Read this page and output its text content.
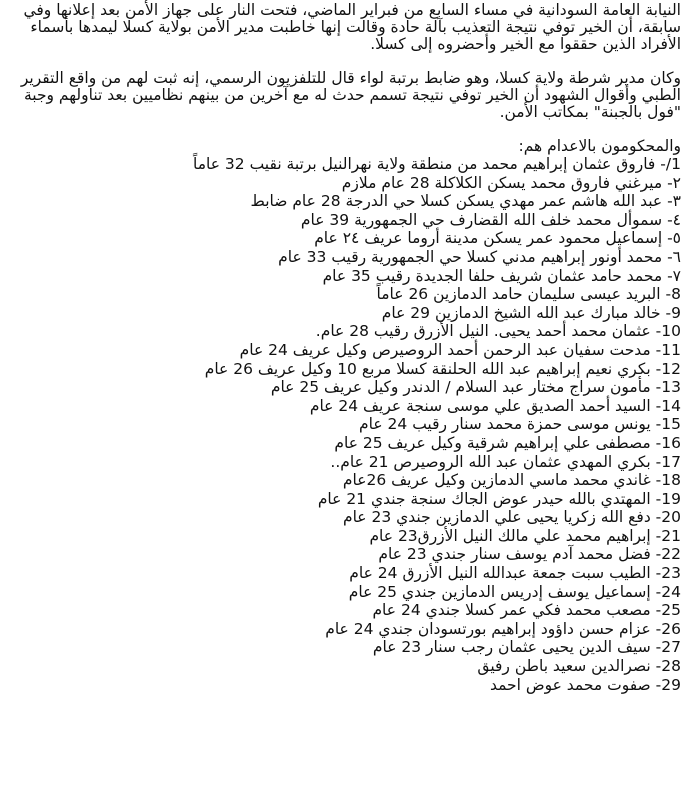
النيابة العامة السودانية في مساء السابع من فبراير الماضي، فتحت النار على جهاز الأمن بعد إعلانها وفي سابقة، أن الخير توفي نتيجة التعذيب بآلة حادة وقالت إنها خاطبت مدير الأمن بولاية كسلا ليمدها بأسماء الأفراد الذين حققوا مع الخير وأحضروه إلى كسلا.

وكان مدير شرطة ولاية كسلا، وهو ضابط برتبة لواء قال للتلفزيون الرسمي، إنه ثبت لهم من واقع التقرير الطبي وأقوال الشهود أن الخير توفي نتيجة تسمم حدث له مع آخرين من بينهم نظاميين بعد تناولهم وجبة "فول بالجبنة" بمكاتب الأمن.

والمحكومون بالاعدام هم:

1/- فاروق عثمان إبراهيم محمد من منطقة ولاية نهرالنيل برتبة نقيب 32 عاماً
٢- ميرغني فاروق محمد يسكن الكلاكلة 28 عام ملازم
٣- عبد الله هاشم عمر مهدي يسكن كسلا حي الدرجة 28 عام ضابط
٤- سموأل محمد خلف الله القضارف حي الجمهورية 39 عام
٥- إسماعيل محمود عمر يسكن مدينة أروما عريف ٢٤ عام
٦- محمد أونور إبراهيم مدني كسلا حي الجمهورية رقيب 33 عام
٧- محمد حامد عثمان شريف حلفا الجديدة رقيب 35 عام
8- البريد عيسى سليمان حامد الدمازين 26 عاماً
9- خالد مبارك عبد الله الشيخ الدمازين 29 عام
10- عثمان محمد أحمد يحيى. النيل الأزرق رقيب 28 عام.
11- مدحت سفيان عبد الرحمن أحمد الروصيرص وكيل عريف 24 عام
12- بكري نعيم إبراهيم عبد الله الحلنقة كسلا مربع 10 وكيل عريف 26 عام
13- مأمون سراج مختار عبد السلام / الدندر وكيل عريف 25 عام
14- السيد أحمد الصديق علي موسى سنجة عريف 24 عام
15- يونس موسى حمزة محمد سنار رقيب 24 عام
16- مصطفى علي إبراهيم شرقية وكيل عريف 25 عام
17- بكري المهدي عثمان عبد الله الروصيرص 21 عام..
18- غاندي محمد ماسي الدمازين وكيل عريف 26عام
19- المهتدي بالله حيدر عوض الجاك سنجة جندي 21 عام
20- دفع الله زكريا يحيى علي الدمازين جندي 23 عام
21- إبراهيم محمد علي مالك النيل الأزرق23 عام
22- فضل محمد آدم يوسف سنار جندي 23 عام
23- الطيب سبت جمعة عبدالله النيل الأزرق 24 عام
24- إسماعيل يوسف إدريس الدمازين جندي 25 عام
25- مصعب محمد فكي عمر كسلا جندي 24 عام
26- عزام حسن داؤود إبراهيم بورتسودان جندي 24 عام
27- سيف الدين يحيى عثمان رجب سنار 23 عام
28- نصرالدين سعيد باطن رفيق
29- صفوت محمد عوض احمد
